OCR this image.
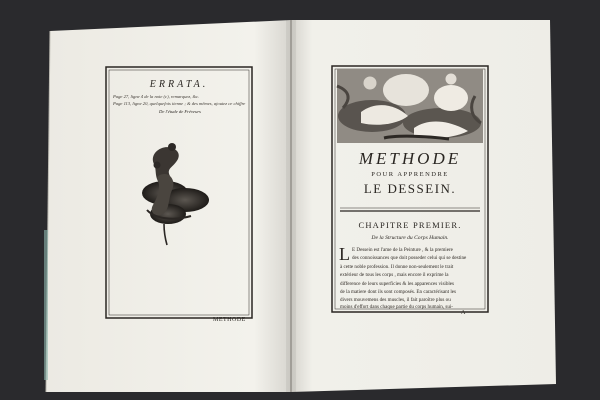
ERRATA.
Page 27, ligne 4 de la note (c), remarquez, &c.
Page 113, ligne 20, quelquefois tienne ; & des mêmes, ajoutez ce chiffre
De l'étude de Fréveurs
METHODE
METHODE
POUR APPRENDRE
LE DESSEIN.
CHAPITRE PREMIER.
De la Structure du Corps Humain.
L E Dessein est l'ame de la Peinture , & la premiere
des connoissances que doit posseder celui qui se destine
à cette noble profession. Il donne non-seulement le trait
extérieur de tous les corps , mais encore il exprime la
difference de leurs superficies & les apparences visibles
de la matiere dont ils sont composés. En caractérisant les
divers mouvemens des muscles, il fait paroître plus ou
moins d'effort dans chaque partie du corps humain, sui-
A
